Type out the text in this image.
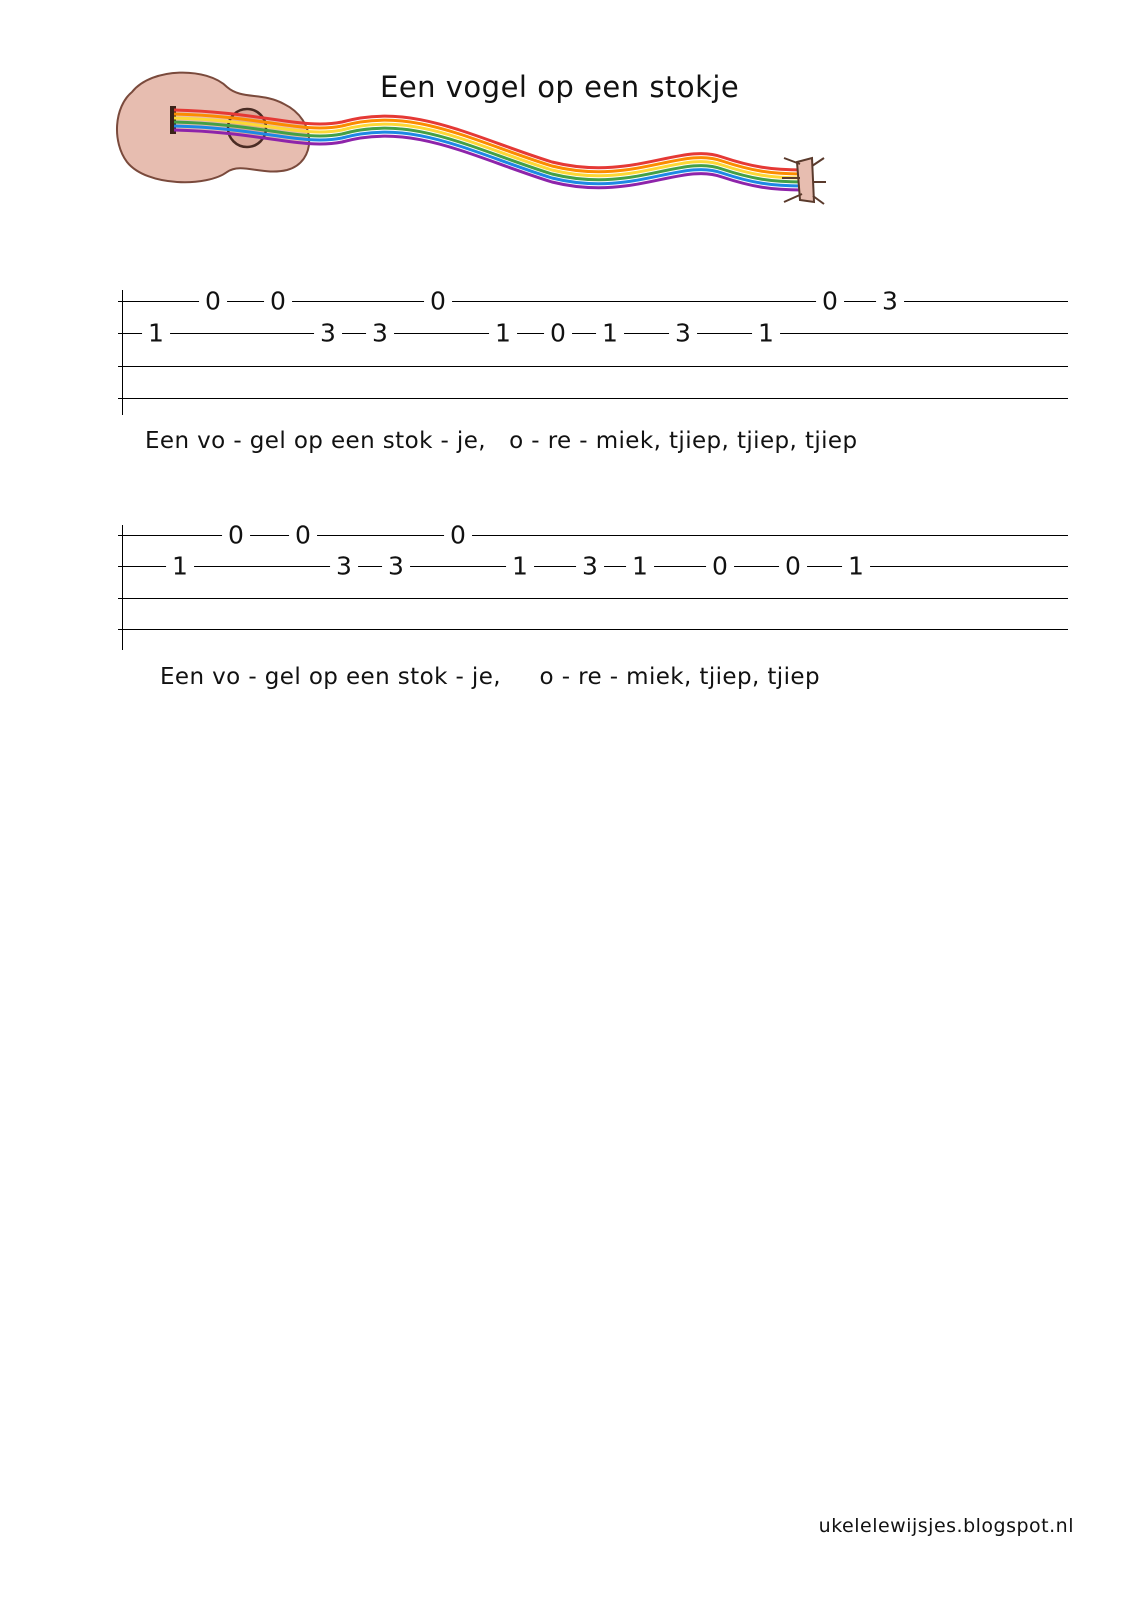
Een vogel op een stokje
1
0 0
3 3
0
1 0 1 3	1
0 3
Een vo - gel op een stok - je,   o - re - miek, tjiep, tjiep, tjiep
1
0 0
3 3
0
1 3 1	0 0 1
Een vo - gel op een stok - je,     o - re - miek, tjiep, tjiep
ukelelewijsjes.blogspot.nl
